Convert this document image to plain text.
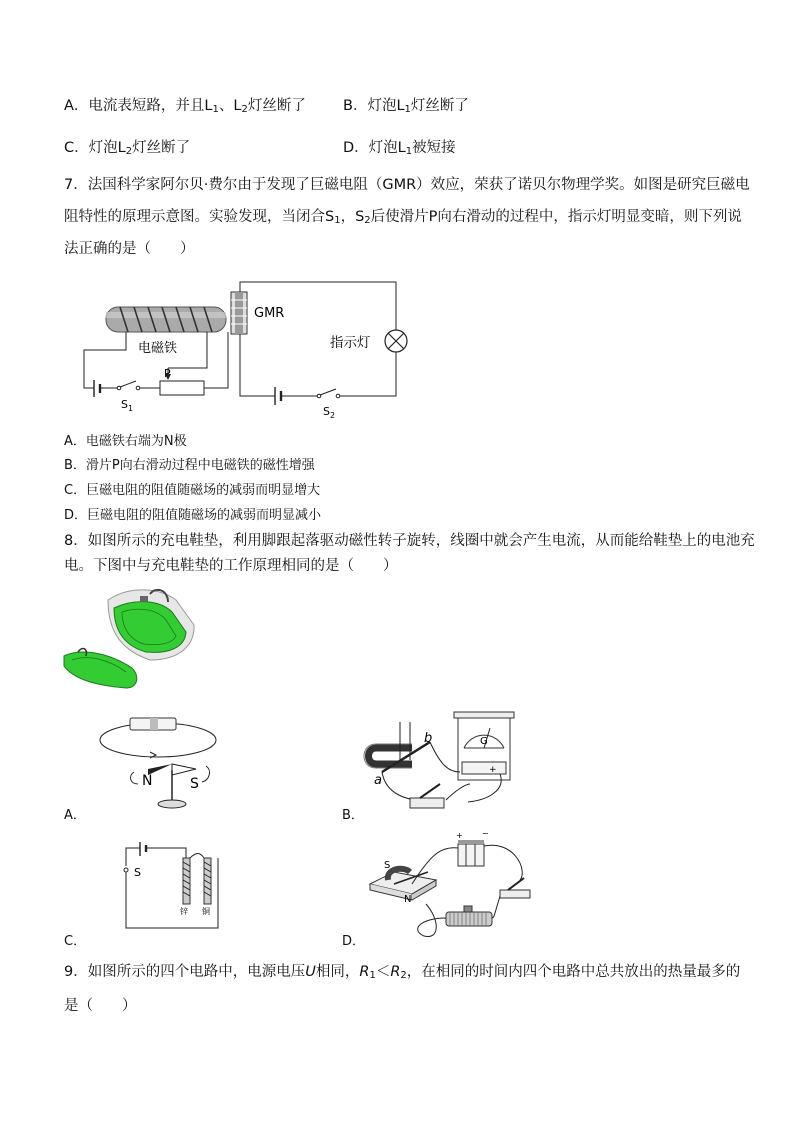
A．电流表短路，并且$L_1$、$L_2$灯丝断了	B．灯泡$L_1$灯丝断了
C．灯泡$L_2$灯丝断了	D．灯泡$L_1$被短接
7．法国科学家阿尔贝·费尔由于发现了巨磁电阻（GMR）效应，荣获了诺贝尔物理学奖。如图是研究巨磁电
阻特性的原理示意图。实验发现，当闭合$S_1$，$S_2$后使滑片P向右滑动的过程中，指示灯明显变暗，则下列说
法正确的是（　　）
电磁铁
GMR
指示灯
P
$S_1$	$S_2$
A．电磁铁右端为N极
B．滑片P向右滑动过程中电磁铁的磁性增强
C．巨磁电阻的阻值随磁场的减弱而明显增大
D．巨磁电阻的阻值随磁场的减弱而明显减小
8．如图所示的充电鞋垫，利用脚跟起落驱动磁性转子旋转，线圈中就会产生电流，从而能给鞋垫上的电池充
电。下图中与充电鞋垫的工作原理相同的是（　　）
N	S
A．
a
b
+
G
B．
S
锌 铜
C．
S
N
+ −
D．
9．如图所示的四个电路中，电源电压U相同，$R_1<R_2$，在相同的时间内四个电路中总共放出的热量最多的
是（　　）
